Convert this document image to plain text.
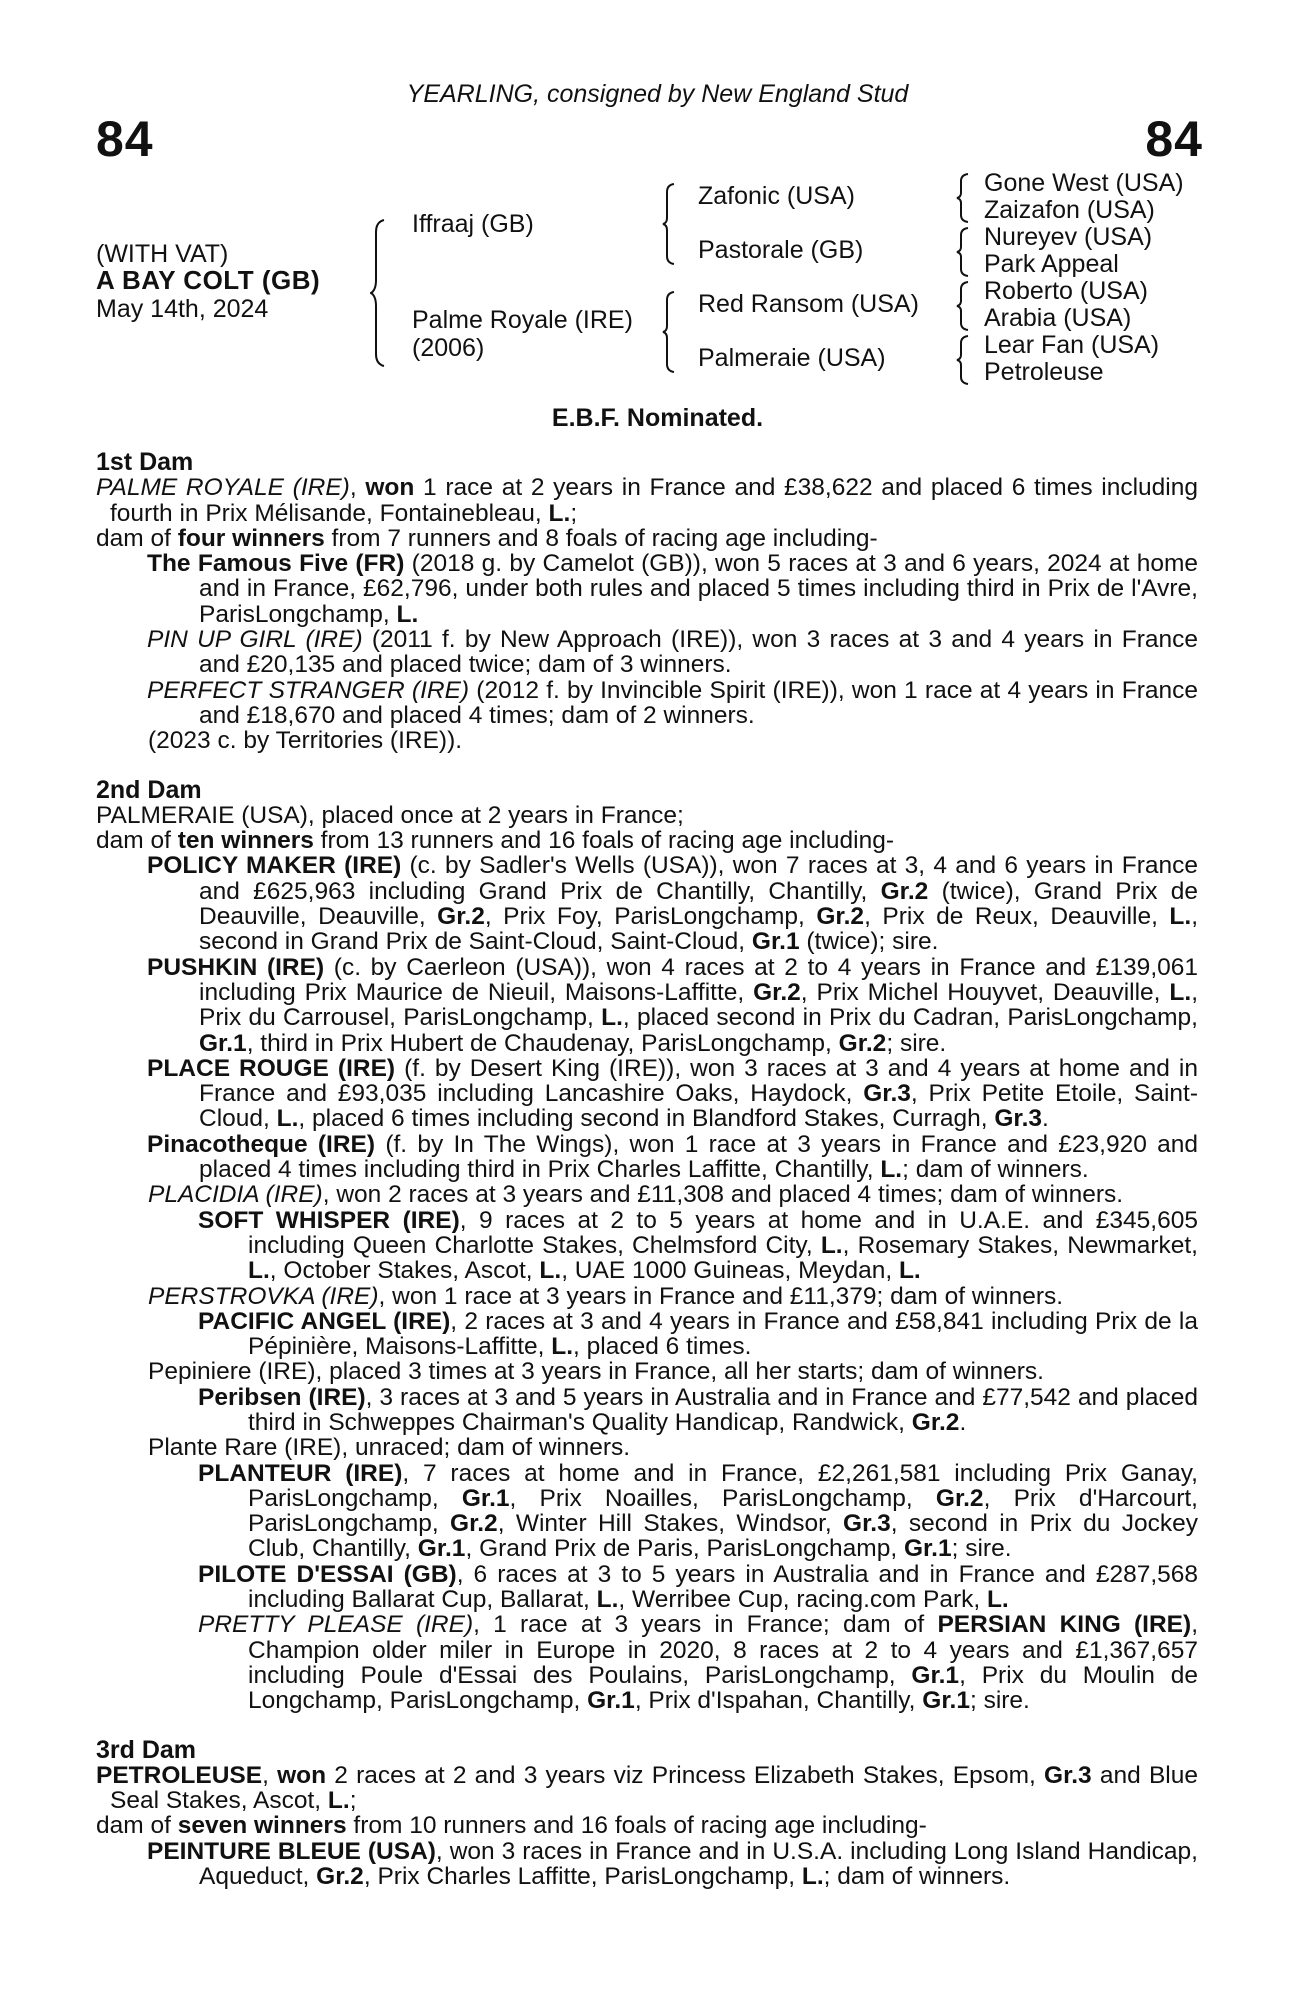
YEARLING, consigned by New England Stud
84	84
(WITH VAT)
A BAY COLT (GB)
May 14th, 2024
Iffraaj (GB)
Palme Royale (IRE)
(2006)
Zafonic (USA)
Pastorale (GB)
Red Ransom (USA)
Palmeraie (USA)
Gone West (USA)
Zaizafon (USA)
Nureyev (USA)
Park Appeal
Roberto (USA)
Arabia (USA)
Lear Fan (USA)
Petroleuse
E.B.F. Nominated.

1st Dam

PALME ROYALE (IRE), won 1 race at 2 years in France and £38,622 and placed 6 times including fourth in Prix Mélisande, Fontainebleau, L.;

dam of four winners from 7 runners and 8 foals of racing age including-

The Famous Five (FR) (2018 g. by Camelot (GB)), won 5 races at 3 and 6 years, 2024 at home and in France, £62,796, under both rules and placed 5 times including third in Prix de l'Avre, ParisLongchamp, L.

PIN UP GIRL (IRE) (2011 f. by New Approach (IRE)), won 3 races at 3 and 4 years in France and £20,135 and placed twice; dam of 3 winners.

PERFECT STRANGER (IRE) (2012 f. by Invincible Spirit (IRE)), won 1 race at 4 years in France and £18,670 and placed 4 times; dam of 2 winners.

(2023 c. by Territories (IRE)).

2nd Dam

PALMERAIE (USA), placed once at 2 years in France;

dam of ten winners from 13 runners and 16 foals of racing age including-

POLICY MAKER (IRE) (c. by Sadler's Wells (USA)), won 7 races at 3, 4 and 6 years in France and £625,963 including Grand Prix de Chantilly, Chantilly, Gr.2 (twice), Grand Prix de Deauville, Deauville, Gr.2, Prix Foy, ParisLongchamp, Gr.2, Prix de Reux, Deauville, L., second in Grand Prix de Saint-Cloud, Saint-Cloud, Gr.1 (twice); sire.

PUSHKIN (IRE) (c. by Caerleon (USA)), won 4 races at 2 to 4 years in France and £139,061 including Prix Maurice de Nieuil, Maisons-Laffitte, Gr.2, Prix Michel Houyvet, Deauville, L., Prix du Carrousel, ParisLongchamp, L., placed second in Prix du Cadran, ParisLongchamp, Gr.1, third in Prix Hubert de Chaudenay, ParisLongchamp, Gr.2; sire.

PLACE ROUGE (IRE) (f. by Desert King (IRE)), won 3 races at 3 and 4 years at home and in France and £93,035 including Lancashire Oaks, Haydock, Gr.3, Prix Petite Etoile, Saint-Cloud, L., placed 6 times including second in Blandford Stakes, Curragh, Gr.3.

Pinacotheque (IRE) (f. by In The Wings), won 1 race at 3 years in France and £23,920 and placed 4 times including third in Prix Charles Laffitte, Chantilly, L.; dam of winners.

PLACIDIA (IRE), won 2 races at 3 years and £11,308 and placed 4 times; dam of winners.

SOFT WHISPER (IRE), 9 races at 2 to 5 years at home and in U.A.E. and £345,605 including Queen Charlotte Stakes, Chelmsford City, L., Rosemary Stakes, Newmarket, L., October Stakes, Ascot, L., UAE 1000 Guineas, Meydan, L.

PERSTROVKA (IRE), won 1 race at 3 years in France and £11,379; dam of winners.

PACIFIC ANGEL (IRE), 2 races at 3 and 4 years in France and £58,841 including Prix de la Pépinière, Maisons-Laffitte, L., placed 6 times.

Pepiniere (IRE), placed 3 times at 3 years in France, all her starts; dam of winners.

Peribsen (IRE), 3 races at 3 and 5 years in Australia and in France and £77,542 and placed third in Schweppes Chairman's Quality Handicap, Randwick, Gr.2.

Plante Rare (IRE), unraced; dam of winners.

PLANTEUR (IRE), 7 races at home and in France, £2,261,581 including Prix Ganay, ParisLongchamp, Gr.1, Prix Noailles, ParisLongchamp, Gr.2, Prix d'Harcourt, ParisLongchamp, Gr.2, Winter Hill Stakes, Windsor, Gr.3, second in Prix du Jockey Club, Chantilly, Gr.1, Grand Prix de Paris, ParisLongchamp, Gr.1; sire.

PILOTE D'ESSAI (GB), 6 races at 3 to 5 years in Australia and in France and £287,568 including Ballarat Cup, Ballarat, L., Werribee Cup, racing.com Park, L.

PRETTY PLEASE (IRE), 1 race at 3 years in France; dam of PERSIAN KING (IRE), Champion older miler in Europe in 2020, 8 races at 2 to 4 years and £1,367,657 including Poule d'Essai des Poulains, ParisLongchamp, Gr.1, Prix du Moulin de Longchamp, ParisLongchamp, Gr.1, Prix d'Ispahan, Chantilly, Gr.1; sire.

3rd Dam

PETROLEUSE, won 2 races at 2 and 3 years viz Princess Elizabeth Stakes, Epsom, Gr.3 and Blue Seal Stakes, Ascot, L.;

dam of seven winners from 10 runners and 16 foals of racing age including-

PEINTURE BLEUE (USA), won 3 races in France and in U.S.A. including Long Island Handicap, Aqueduct, Gr.2, Prix Charles Laffitte, ParisLongchamp, L.; dam of winners.
